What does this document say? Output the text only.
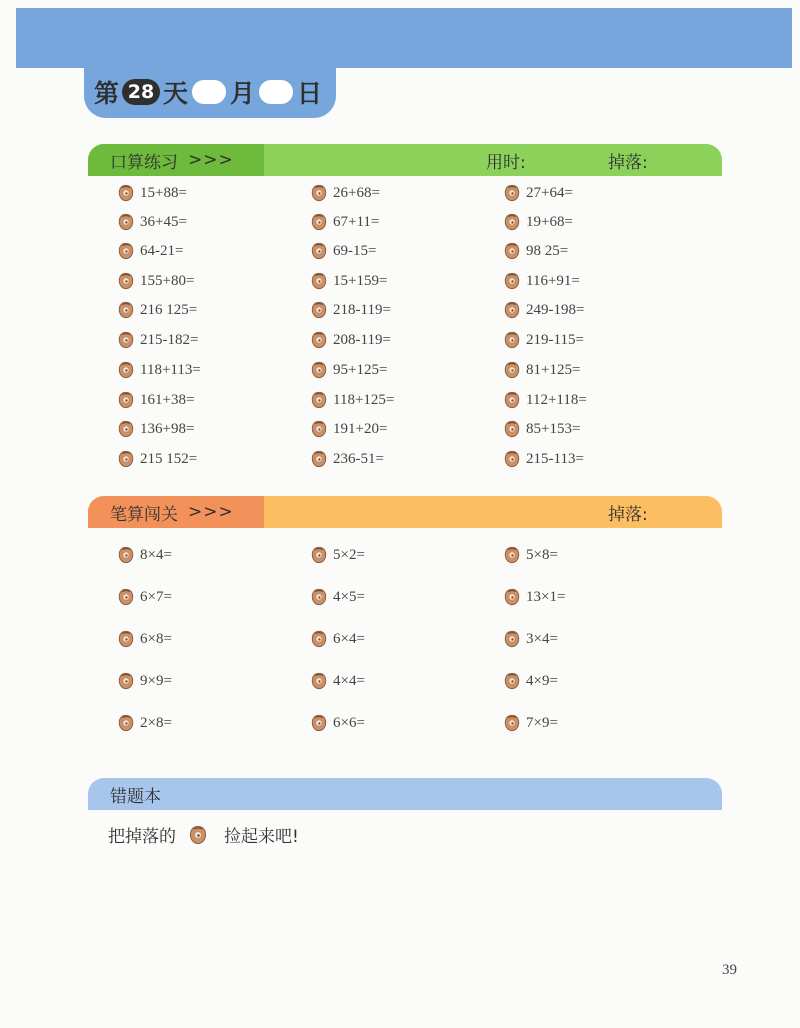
第 28 天 月 日
口算练习 >>>	用时:	掉落:
15+88=	26+68=	27+64=
36+45=	67+11=	19+68=
64-21=	69-15=	98 25=
155+80=	15+159=	116+91=
216 125=	218-119=	249-198=
215-182=	208-119=	219-115=
118+113=	95+125=	81+125=
161+38=	118+125=	112+118=
136+98=	191+20=	85+153=
215 152=	236-51=	215-113=
笔算闯关 >>>	掉落:
8×4=	5×2=	5×8=
6×7=	4×5=	13×1=
6×8=	6×4=	3×4=
9×9=	4×4=	4×9=
2×8=	6×6=	7×9=
错题本
把掉落的	捡起来吧!
39
